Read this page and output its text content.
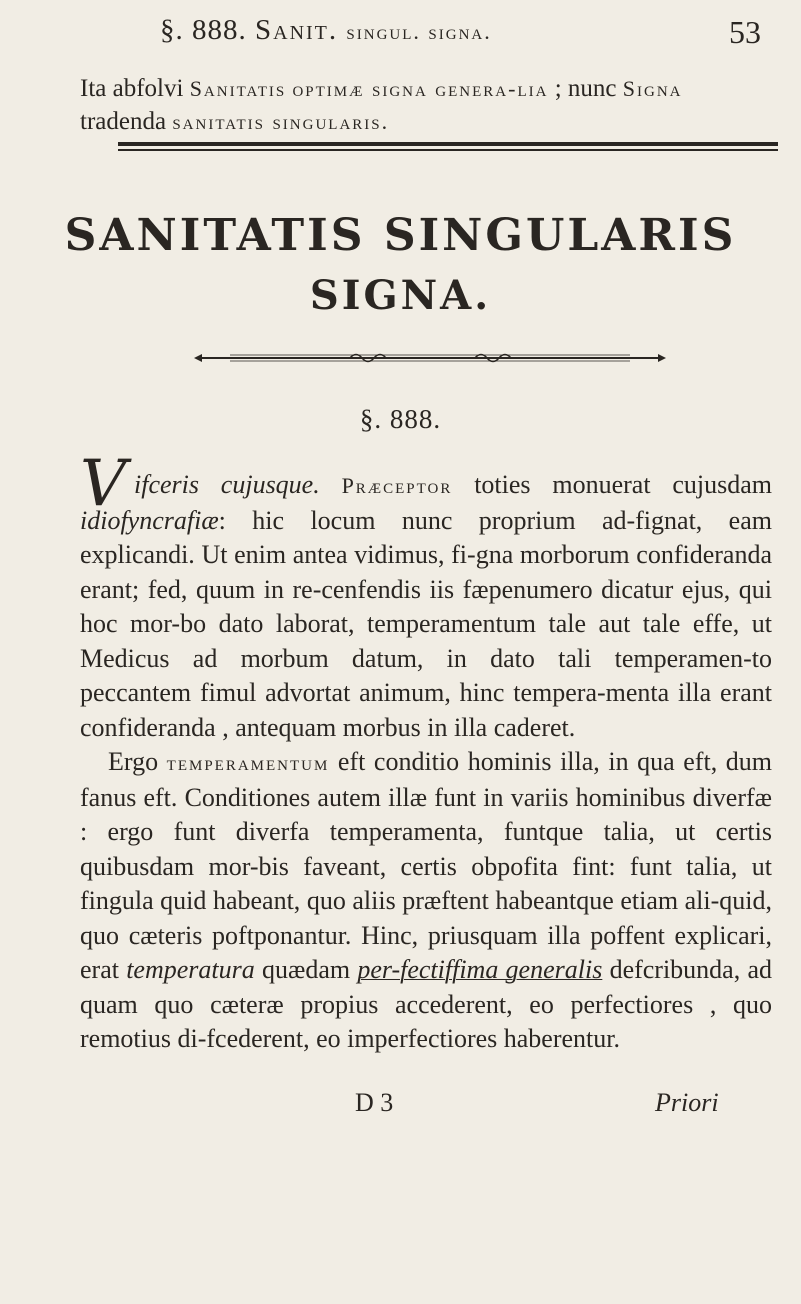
§. 888. Sanit. singul. signa.	53
Ita abfolvi Sanitatis optimæ signa genera-lia ; nunc Signa tradenda sanitatis singularis.
SANITATIS SINGULARIS
SIGNA.
§. 888.
V ifceris cujusque. Præceptor toties monuerat cujusdam idiofyncrafiæ: hic locum nunc proprium ad-fignat, eam explicandi. Ut enim antea vidimus, fi-gna morborum confideranda erant; fed, quum in re-cenfendis iis fæpenumero dicatur ejus, qui hoc mor-bo dato laborat, temperamentum tale aut tale effe, ut Medicus ad morbum datum, in dato tali temperamen-to peccantem fimul advortat animum, hinc tempera-menta illa erant confideranda , antequam morbus in illa caderet.

Ergo temperamentum eft conditio hominis illa, in qua eft, dum fanus eft. Conditiones autem illæ funt in variis hominibus diverfæ : ergo funt diverfa temperamenta, funtque talia, ut certis quibusdam mor-bis faveant, certis obpofita fint: funt talia, ut fingula quid habeant, quo aliis præftent habeantque etiam ali-quid, quo cæteris poftponantur. Hinc, priusquam illa poffent explicari, erat temperatura quædam per-fectiffima generalis defcribunda, ad quam quo cæteræ propius accederent, eo perfectiores , quo remotius di-fcederent, eo imperfectiores haberentur.

D 3	Priori
